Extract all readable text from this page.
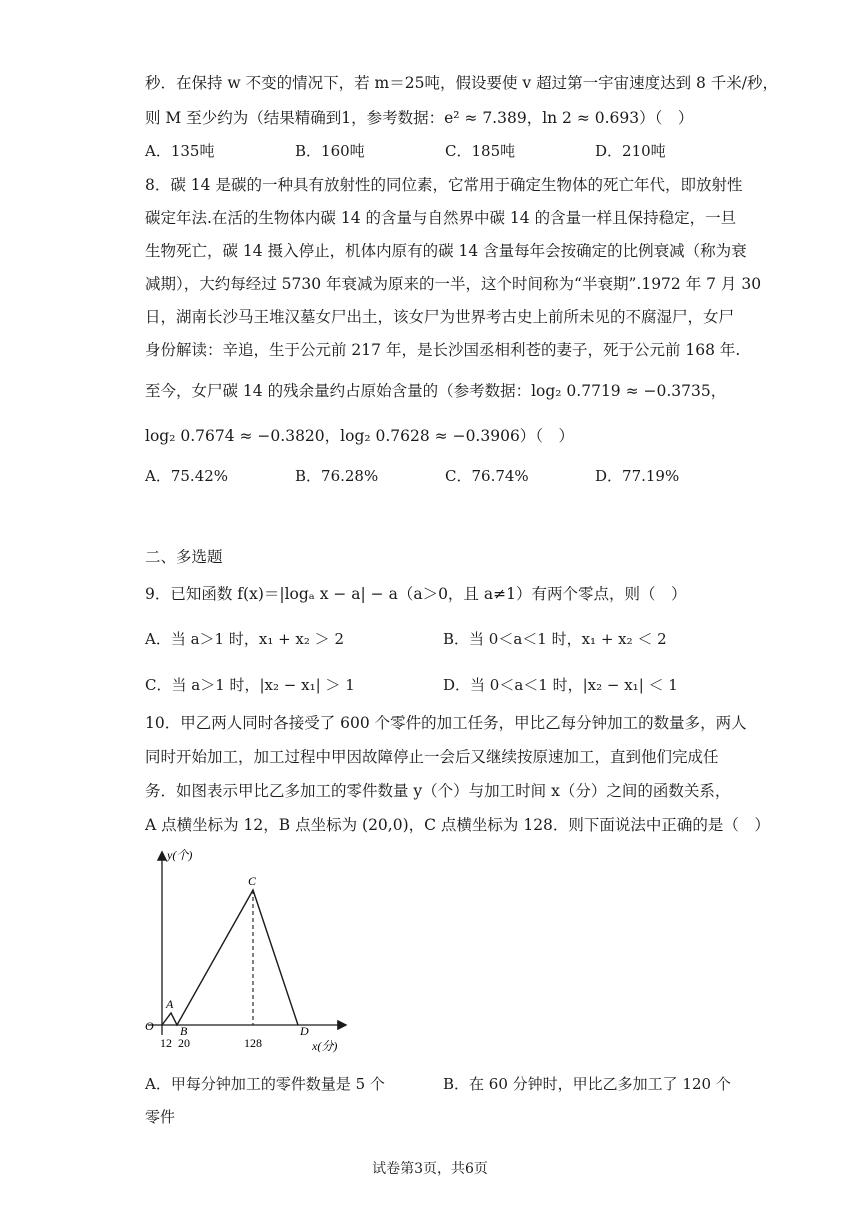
秒．在保持 w 不变的情况下，若 m＝25吨，假设要使 v 超过第一宇宙速度达到 8 千米/秒，
则 M 至少约为（结果精确到1，参考数据：e² ≈ 7.389，ln 2 ≈ 0.693）（　）
A．135吨	B．160吨	C．185吨	D．210吨
8．碳 14 是碳的一种具有放射性的同位素，它常用于确定生物体的死亡年代，即放射性
碳定年法.在活的生物体内碳 14 的含量与自然界中碳 14 的含量一样且保持稳定，一旦
生物死亡，碳 14 摄入停止，机体内原有的碳 14 含量每年会按确定的比例衰减（称为衰
减期），大约每经过 5730 年衰减为原来的一半，这个时间称为“半衰期”.1972 年 7 月 30
日，湖南长沙马王堆汉墓女尸出土，该女尸为世界考古史上前所未见的不腐湿尸，女尸
身份解读：辛追，生于公元前 217 年，是长沙国丞相利苍的妻子，死于公元前 168 年.
至今，女尸碳 14 的残余量约占原始含量的（参考数据：log₂ 0.7719 ≈ −0.3735，
log₂ 0.7674 ≈ −0.3820，log₂ 0.7628 ≈ −0.3906）（　）
A．75.42%	B．76.28%	C．76.74%	D．77.19%
二、多选题
9．已知函数 f(x)＝|logₐ x − a| − a（a＞0，且 a≠1）有两个零点，则（　）
A．当 a＞1 时，x₁ + x₂ ＞ 2	B．当 0＜a＜1 时，x₁ + x₂ ＜ 2
C．当 a＞1 时，|x₂ − x₁| ＞ 1	D．当 0＜a＜1 时，|x₂ − x₁| ＜ 1
10．甲乙两人同时各接受了 600 个零件的加工任务，甲比乙每分钟加工的数量多，两人
同时开始加工，加工过程中甲因故障停止一会后又继续按原速加工，直到他们完成任
务．如图表示甲比乙多加工的零件数量 y（个）与加工时间 x（分）之间的函数关系，
A 点横坐标为 12，B 点坐标为 (20,0)，C 点横坐标为 128．则下面说法中正确的是（　）
y(个)
x(分)
O
A
B
C
D
12 20	128
A．甲每分钟加工的零件数量是 5 个	B．在 60 分钟时，甲比乙多加工了 120 个
零件
试卷第3页，共6页
